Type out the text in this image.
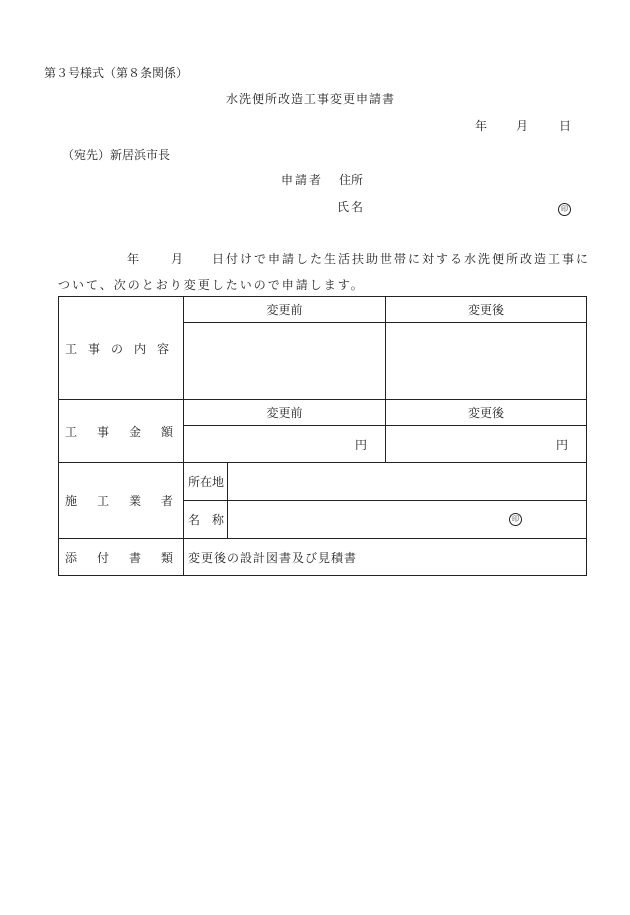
第３号様式（第８条関係）
水洗便所改造工事変更申請書
年 月	日
（宛先）新居浜市長
申請者 住所
氏名	印
年	月 日付けで申請した生活扶助世帯に対する水洗便所改造工事に
ついて、次のとおり変更したいので申請します。
工 事 の 内 容	変更前		変更後

工 事 金 額	変更前		変更後
	円		円
施 工 業 者	所在地		
	名　称	印	

添 付 書 類	変更後の設計図書及び見積書		
